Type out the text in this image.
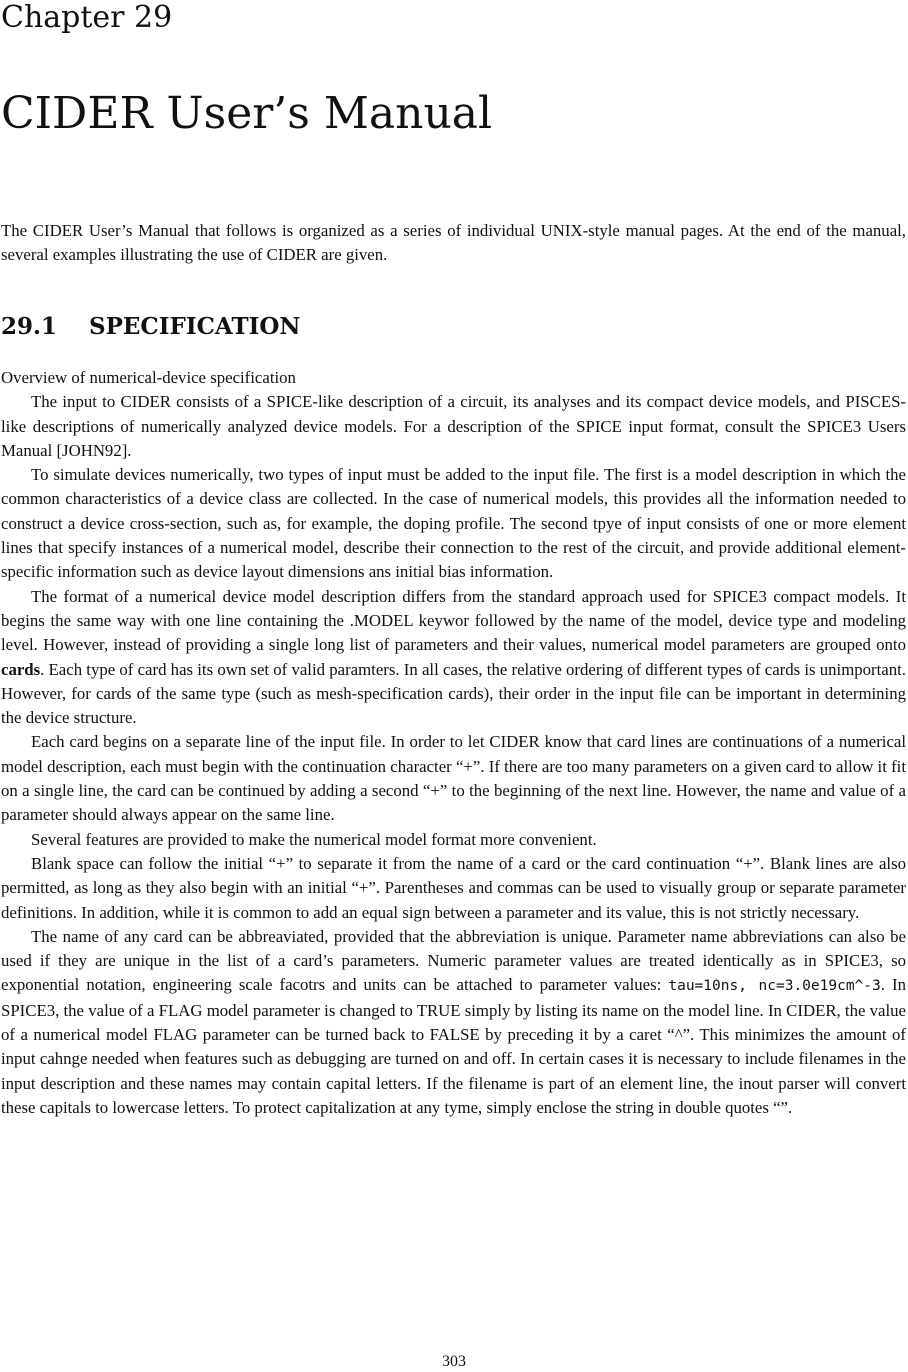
Chapter 29
CIDER User’s Manual

The CIDER User’s Manual that follows is organized as a series of individual UNIX-style manual pages. At the end of the manual, several examples illustrating the use of CIDER are given.

29.1 SPECIFICATION

Overview of numerical-device specification

The input to CIDER consists of a SPICE-like description of a circuit, its analyses and its compact device models, and PISCES-like descriptions of numerically analyzed device models. For a description of the SPICE input format, consult the SPICE3 Users Manual [JOHN92].

To simulate devices numerically, two types of input must be added to the input file. The first is a model description in which the common characteristics of a device class are collected. In the case of numerical models, this provides all the information needed to construct a device cross-section, such as, for example, the doping profile. The second tpye of input consists of one or more element lines that specify instances of a numerical model, describe their connection to the rest of the circuit, and provide additional element-specific information such as device layout dimensions ans initial bias information.

The format of a numerical device model description differs from the standard approach used for SPICE3 compact models. It begins the same way with one line containing the .MODEL keywor followed by the name of the model, device type and modeling level. However, instead of providing a single long list of parameters and their values, numerical model parameters are grouped onto cards. Each type of card has its own set of valid paramters. In all cases, the relative ordering of different types of cards is unimportant. However, for cards of the same type (such as mesh-specification cards), their order in the input file can be important in determining the device structure.

Each card begins on a separate line of the input file. In order to let CIDER know that card lines are continuations of a numerical model description, each must begin with the continuation character “+”. If there are too many parameters on a given card to allow it fit on a single line, the card can be continued by adding a second “+” to the beginning of the next line. However, the name and value of a parameter should always appear on the same line.

Several features are provided to make the numerical model format more convenient.

Blank space can follow the initial “+” to separate it from the name of a card or the card continuation “+”. Blank lines are also permitted, as long as they also begin with an initial “+”. Parentheses and commas can be used to visually group or separate parameter definitions. In addition, while it is common to add an equal sign between a parameter and its value, this is not strictly necessary.

The name of any card can be abbreaviated, provided that the abbreviation is unique. Parameter name abbreviations can also be used if they are unique in the list of a card’s parameters. Numeric parameter values are treated identically as in SPICE3, so exponential notation, engineering scale facotrs and units can be attached to parameter values: tau=10ns, nc=3.0e19cm^-3. In SPICE3, the value of a FLAG model parameter is changed to TRUE simply by listing its name on the model line. In CIDER, the value of a numerical model FLAG parameter can be turned back to FALSE by preceding it by a caret “^”. This minimizes the amount of input cahnge needed when features such as debugging are turned on and off. In certain cases it is necessary to include filenames in the input description and these names may contain capital letters. If the filename is part of an element line, the inout parser will convert these capitals to lowercase letters. To protect capitalization at any tyme, simply enclose the string in double quotes “”.

303
